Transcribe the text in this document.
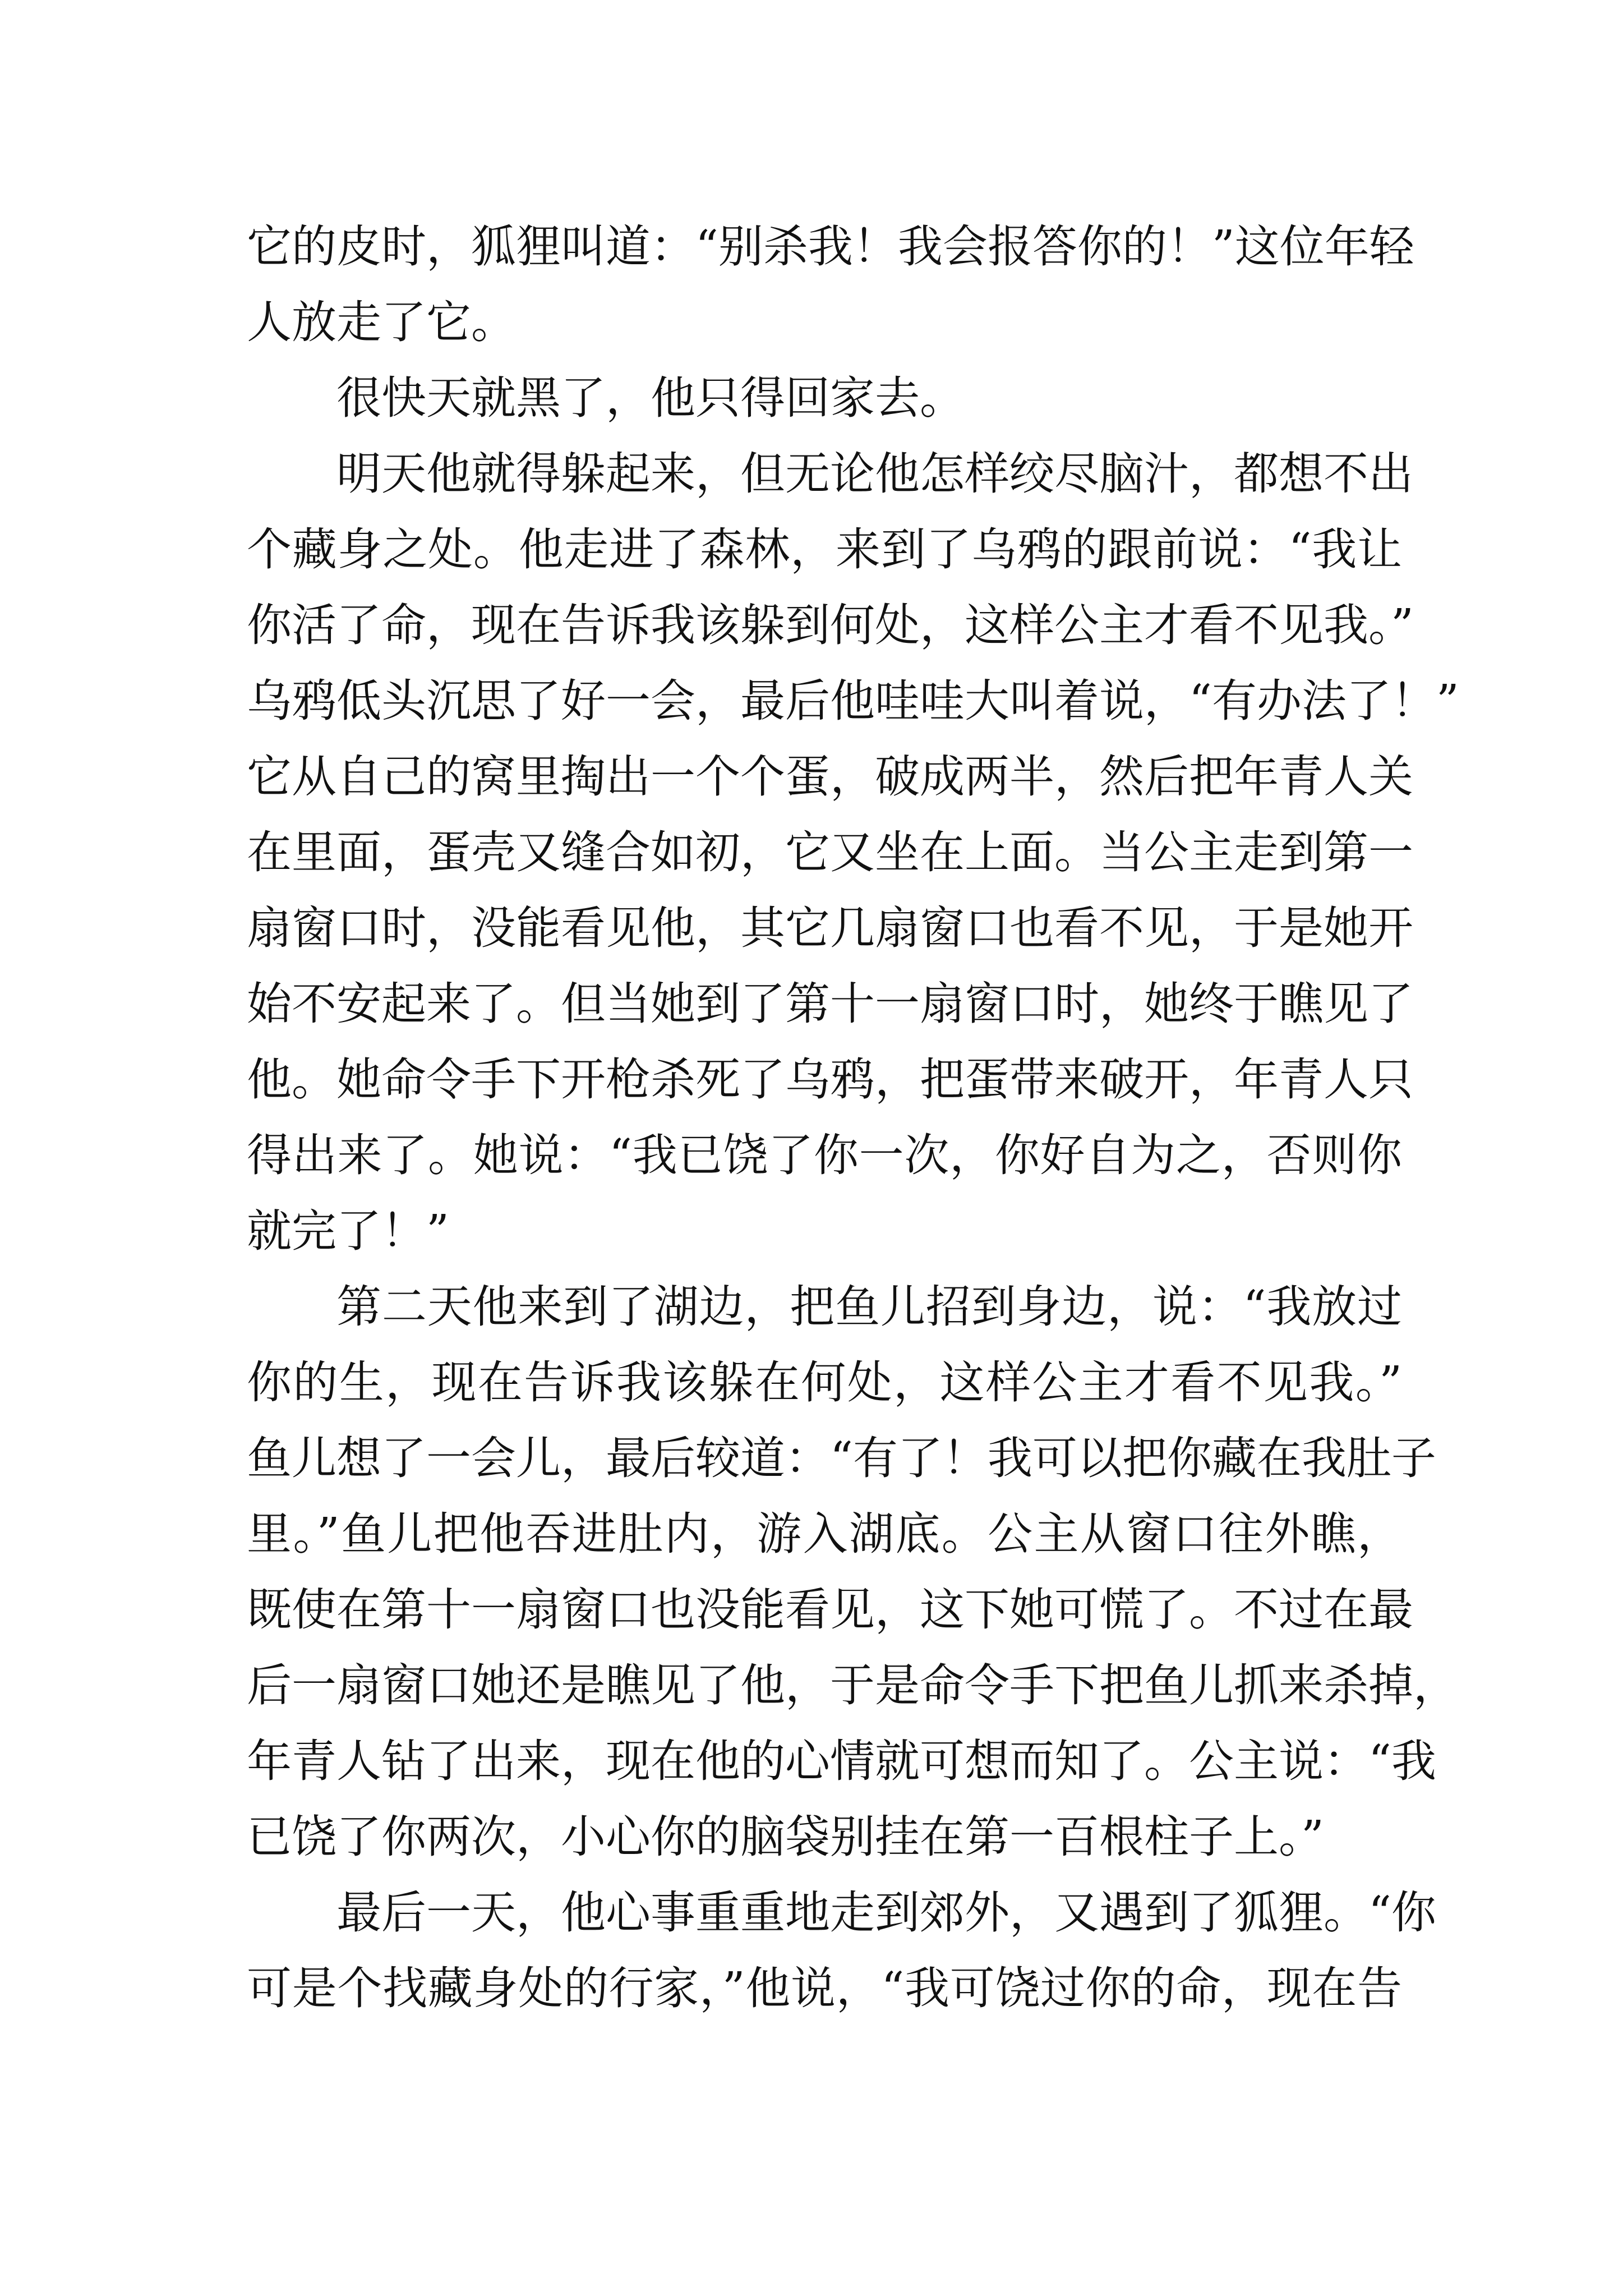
它的皮时，狐狸叫道：“别杀我！我会报答你的！”这位年轻
人放走了它。
很快天就黑了，他只得回家去。
明天他就得躲起来，但无论他怎样绞尽脑汁，都想不出
个藏身之处。他走进了森林，来到了乌鸦的跟前说：“我让
你活了命，现在告诉我该躲到何处，这样公主才看不见我。”
乌鸦低头沉思了好一会，最后他哇哇大叫着说，“有办法了！”
它从自己的窝里掏出一个个蛋，破成两半，然后把年青人关
在里面，蛋壳又缝合如初，它又坐在上面。当公主走到第一
扇窗口时，没能看见他，其它几扇窗口也看不见，于是她开
始不安起来了。但当她到了第十一扇窗口时，她终于瞧见了
他。她命令手下开枪杀死了乌鸦，把蛋带来破开，年青人只
得出来了。她说：“我已饶了你一次，你好自为之，否则你
就完了！”
第二天他来到了湖边，把鱼儿招到身边，说：“我放过
你的生，现在告诉我该躲在何处，这样公主才看不见我。”
鱼儿想了一会儿，最后较道：“有了！我可以把你藏在我肚子
里。”鱼儿把他吞进肚内，游入湖底。公主从窗口往外瞧，
既使在第十一扇窗口也没能看见，这下她可慌了。不过在最
后一扇窗口她还是瞧见了他，于是命令手下把鱼儿抓来杀掉，
年青人钻了出来，现在他的心情就可想而知了。公主说：“我
已饶了你两次，小心你的脑袋别挂在第一百根柱子上。”
最后一天，他心事重重地走到郊外，又遇到了狐狸。“你
可是个找藏身处的行家，”他说，“我可饶过你的命，现在告
